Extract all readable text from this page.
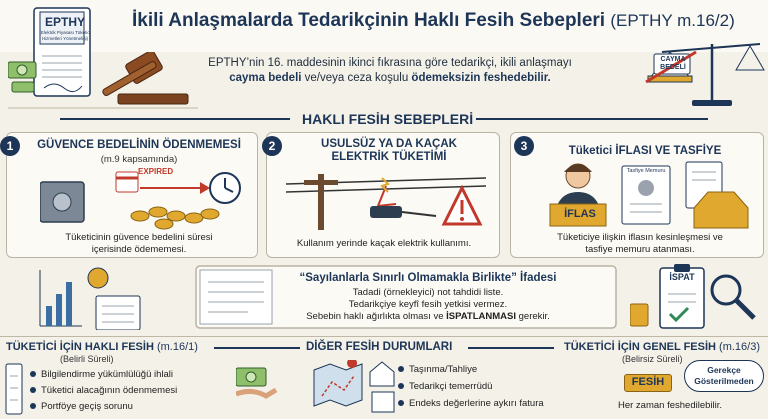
EPTHY
(Elektrik Piyasası Tüketici
Hizmetleri Yönetmeliği)
İkili Anlaşmalarda Tedarikçinin Haklı Fesih Sebepleri (EPTHY m.16/2)
CAYMA
BEDELİ
EPTHY’nin 16. maddesinin ikinci fıkrasına göre tedarikçi, ikili anlaşmayı
cayma bedeli ve/veya ceza koşulu ödemeksizin feshedebilir.
HAKLI FESİH SEBEPLERİ
1	GÜVENCE BEDELİNİN ÖDENMEMESİ
(m.9 kapsamında)
EXPIRED
Tüketicinin güvence bedelini süresi
içerisinde ödememesi.
2	USULSÜZ YA DA KAÇAK
ELEKTRİK TÜKETİMİ
Kullanım yerinde kaçak elektrik kullanımı.
3	Tüketici İFLASI VE TASFİYE
İFLAS
Tasfiye Memuru
Tüketiciye ilişkin iflasın kesinleşmesi ve
tasfiye memuru atanması.
“Sayılanlarla Sınırlı Olmamakla Birlikte” İfadesi
Tadadi (örnekleyici) not tahdidi liste.
Tedarikçiye keyfî fesih yetkisi vermez.
Sebebin haklı ağırlıkta olması ve İSPATLANMASI gerekir.
İSPAT
TÜKETİCİ İÇİN HAKLI FESİH (m.16/1)
(Belirli Süreli)
Bilgilendirme yükümlülüğü ihlali
Tüketici alacağının ödenmemesi
Portföye geçiş sorunu
DİĞER FESİH DURUMLARI
Taşınma/Tahliye
Tedarikçi temerrüdü
Endeks değerlerine aykırı fatura
TÜKETİCİ İÇİN GENEL FESİH (m.16/3)
(Belirsiz Süreli)
FESİH
Gerekçe
Gösterilmeden
Her zaman feshedilebilir.
